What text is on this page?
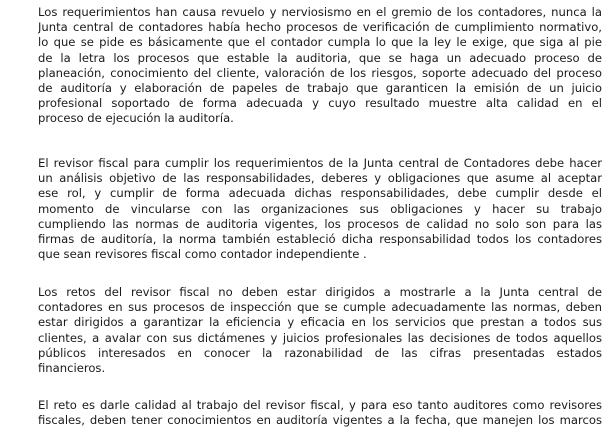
Los requerimientos han causa revuelo y nerviosismo en el gremio de los contadores, nunca la
Junta central de contadores había hecho procesos de verificación de cumplimiento normativo,
lo que se pide es básicamente que el contador cumpla lo que la ley le exige, que siga al pie
de la letra los procesos que estable la auditoria, que se haga un adecuado proceso de
planeación, conocimiento del cliente, valoración de los riesgos, soporte adecuado del proceso
de auditoría y elaboración de papeles de trabajo que garanticen la emisión de un juicio
profesional soportado de forma adecuada y cuyo resultado muestre alta calidad en el
proceso de ejecución la auditoría.

El revisor fiscal para cumplir los requerimientos de la Junta central de Contadores debe hacer
un análisis objetivo de las responsabilidades, deberes y obligaciones que asume al aceptar
ese rol, y cumplir de forma adecuada dichas responsabilidades, debe cumplir desde el
momento de vincularse con las organizaciones sus obligaciones y hacer su trabajo
cumpliendo las normas de auditoria vigentes, los procesos de calidad no solo son para las
firmas de auditoría, la norma también estableció dicha responsabilidad todos los contadores
que sean revisores fiscal como contador independiente .

Los retos del revisor fiscal no deben estar dirigidos a mostrarle a la Junta central de
contadores en sus procesos de inspección que se cumple adecuadamente las normas, deben
estar dirigidos a garantizar la eficiencia y eficacia en los servicios que prestan a todos sus
clientes, a avalar con sus dictámenes y juicios profesionales las decisiones de todos aquellos
públicos interesados en conocer la razonabilidad de las cifras presentadas estados
financieros.

El reto es darle calidad al trabajo del revisor fiscal, y para eso tanto auditores como revisores
fiscales, deben tener conocimientos en auditoría vigentes a la fecha, que manejen los marcos
